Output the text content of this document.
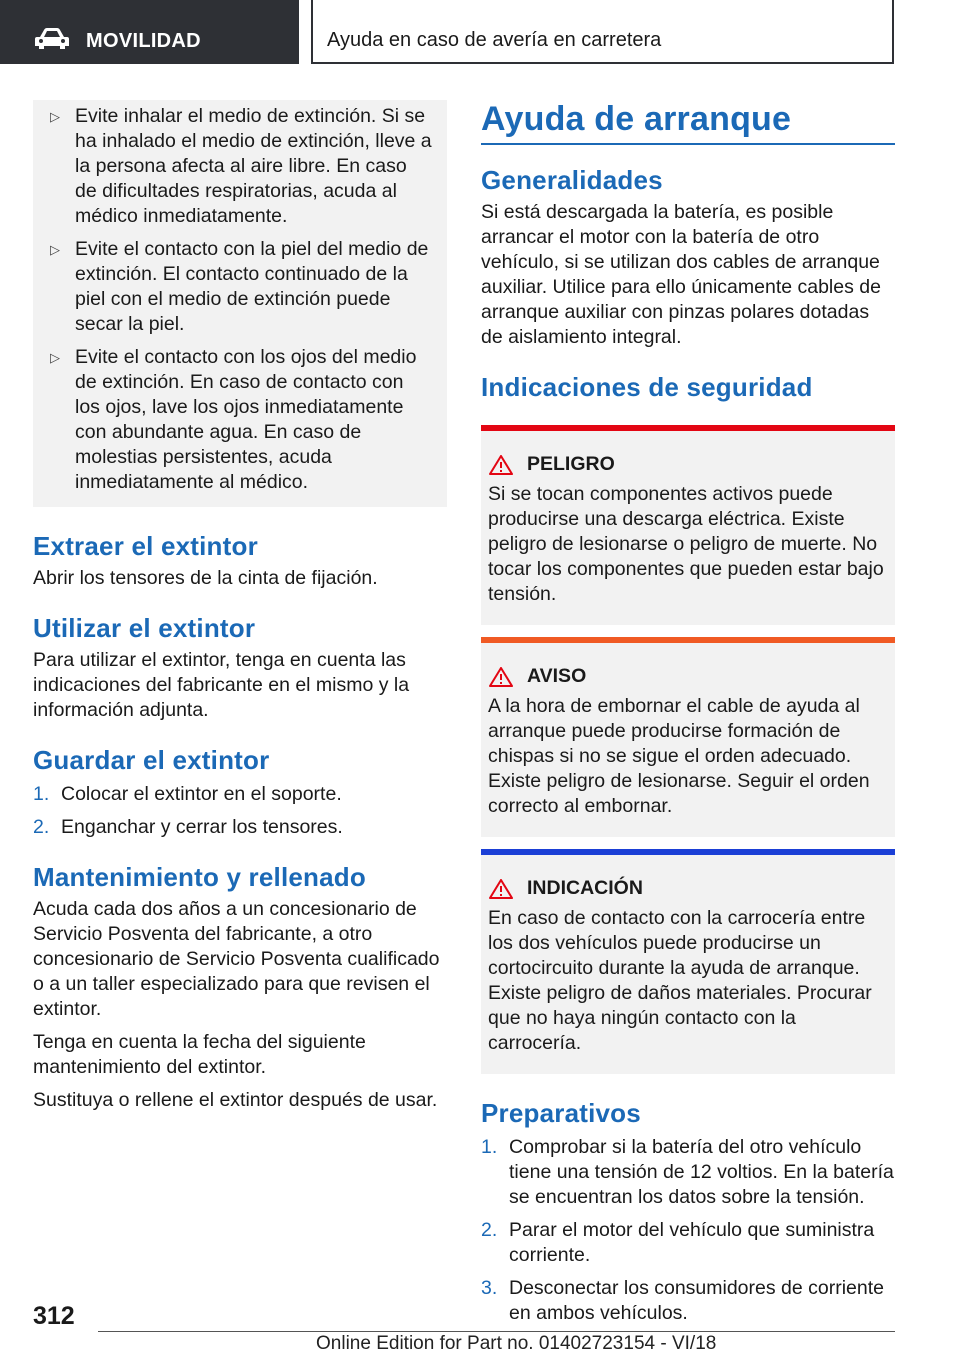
MOVILIDAD	Ayuda en caso de avería en carretera
▷ Evite inhalar el medio de extinción. Si se ha inhalado el medio de extinción, lleve a la persona afecta al aire libre. En caso de dificultades respiratorias, acuda al médico inmediatamente.
▷ Evite el contacto con la piel del medio de extinción. El contacto continuado de la piel con el medio de extinción puede secar la piel.
▷ Evite el contacto con los ojos del medio de extinción. En caso de contacto con los ojos, lave los ojos inmediatamente con abundante agua. En caso de molestias persistentes, acuda inmediatamente al médico.
Extraer el extintor

Abrir los tensores de la cinta de fijación.

Utilizar el extintor

Para utilizar el extintor, tenga en cuenta las indicaciones del fabricante en el mismo y la información adjunta.

Guardar el extintor
1. Colocar el extintor en el soporte.
2. Enganchar y cerrar los tensores.
Mantenimiento y rellenado

Acuda cada dos años a un concesionario de Servicio Posventa del fabricante, a otro concesionario de Servicio Posventa cualificado o a un taller especializado para que revisen el extintor.

Tenga en cuenta la fecha del siguiente mantenimiento del extintor.

Sustituya o rellene el extintor después de usar.

Ayuda de arranque
Generalidades

Si está descargada la batería, es posible arrancar el motor con la batería de otro vehículo, si se utilizan dos cables de arranque auxiliar. Utilice para ello únicamente cables de arranque auxiliar con pinzas polares dotadas de aislamiento integral.

Indicaciones de seguridad
PELIGRO
Si se tocan componentes activos puede producirse una descarga eléctrica. Existe peligro de lesionarse o peligro de muerte. No tocar los componentes que pueden estar bajo tensión.
AVISO
A la hora de embornar el cable de ayuda al arranque puede producirse formación de chispas si no se sigue el orden adecuado. Existe peligro de lesionarse. Seguir el orden correcto al embornar.
INDICACIÓN
En caso de contacto con la carrocería entre los dos vehículos puede producirse un cortocircuito durante la ayuda de arranque. Existe peligro de daños materiales. Procurar que no haya ningún contacto con la carrocería.
Preparativos
1. Comprobar si la batería del otro vehículo tiene una tensión de 12 voltios. En la batería se encuentran los datos sobre la tensión.
2. Parar el motor del vehículo que suministra corriente.
3. Desconectar los consumidores de corriente en ambos vehículos.
312
Online Edition for Part no. 01402723154 - VI/18
